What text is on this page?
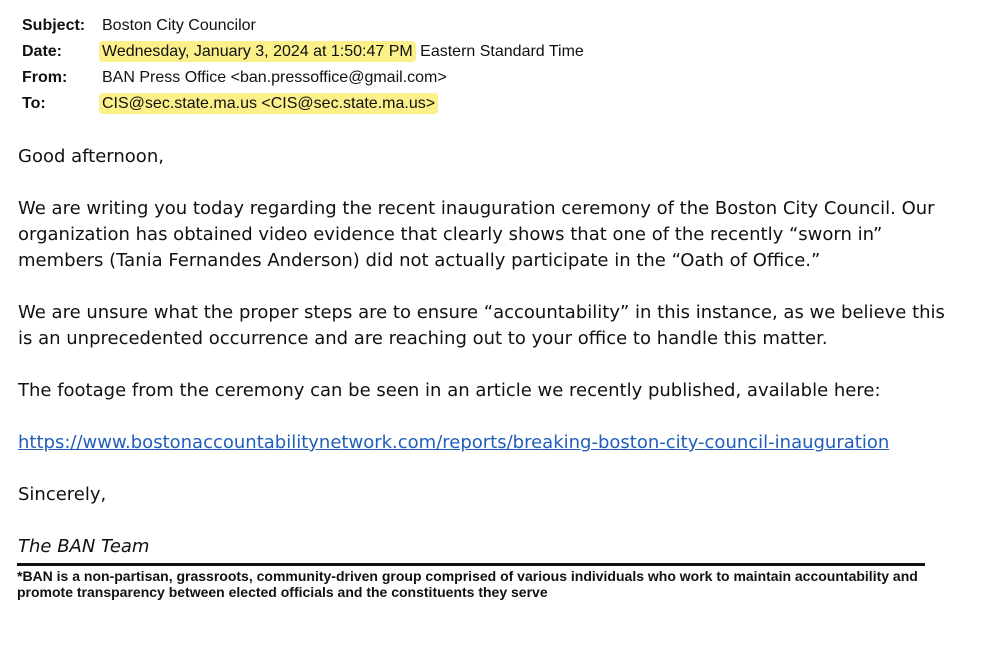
Subject:	Boston City Councilor
Date:	Wednesday, January 3, 2024 at 1:50:47 PM Eastern Standard Time
From:	BAN Press Office <ban.pressoffice@gmail.com>
To:	CIS@sec.state.ma.us <CIS@sec.state.ma.us>

Good afternoon,

We are writing you today regarding the recent inauguration ceremony of the Boston City Council. Our organization has obtained video evidence that clearly shows that one of the recently “sworn in” members (Tania Fernandes Anderson) did not actually participate in the “Oath of Office.”

We are unsure what the proper steps are to ensure “accountability” in this instance, as we believe this is an unprecedented occurrence and are reaching out to your office to handle this matter.

The footage from the ceremony can be seen in an article we recently published, available here:

https://www.bostonaccountabilitynetwork.com/reports/breaking-boston-city-council-inauguration

Sincerely,

The BAN Team

*BAN is a non-partisan, grassroots, community-driven group comprised of various individuals who work to maintain accountability and promote transparency between elected officials and the constituents they serve
